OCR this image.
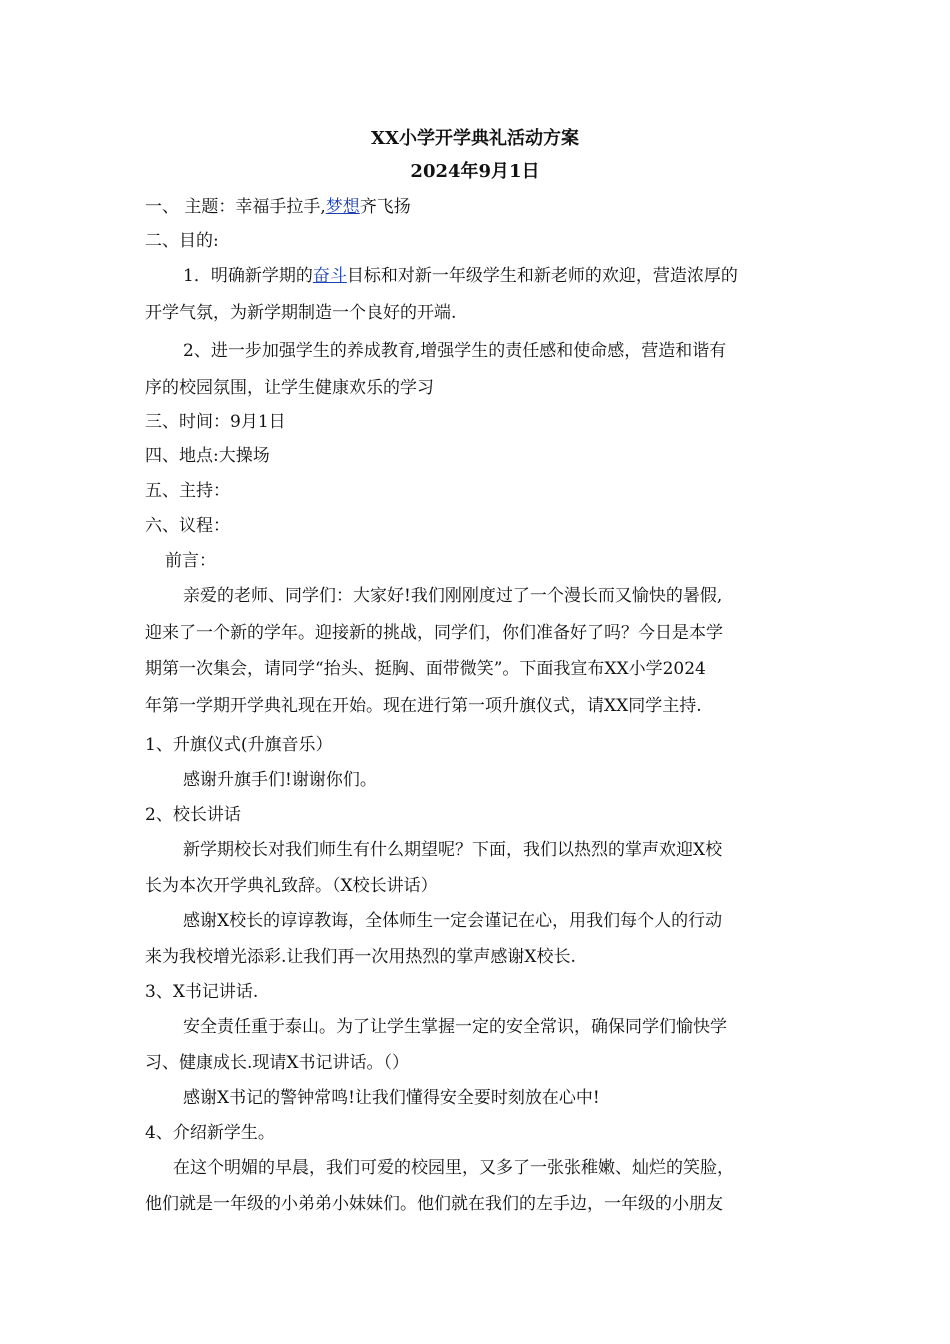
XX小学开学典礼活动方案
2024年9月1日
一、 主题：幸福手拉手,梦想齐飞扬
二、目的:
1．明确新学期的奋斗目标和对新一年级学生和新老师的欢迎，营造浓厚的
开学气氛，为新学期制造一个良好的开端.
2、进一步加强学生的养成教育,增强学生的责任感和使命感，营造和谐有
序的校园氛围，让学生健康欢乐的学习
三、时间：9月1日
四、地点:大操场
五、主持：
六、议程：
前言：
亲爱的老师、同学们：大家好!我们刚刚度过了一个漫长而又愉快的暑假,
迎来了一个新的学年。迎接新的挑战，同学们，你们准备好了吗？今日是本学
期第一次集会，请同学“抬头、挺胸、面带微笑”。下面我宣布XX小学2024
年第一学期开学典礼现在开始。现在进行第一项升旗仪式，请XX同学主持.
1、升旗仪式(升旗音乐）
感谢升旗手们!谢谢你们。
2、校长讲话
新学期校长对我们师生有什么期望呢？下面，我们以热烈的掌声欢迎X校
长为本次开学典礼致辞。（X校长讲话）
感谢X校长的谆谆教诲，全体师生一定会谨记在心，用我们每个人的行动
来为我校增光添彩.让我们再一次用热烈的掌声感谢X校长.
3、X书记讲话.
安全责任重于泰山。为了让学生掌握一定的安全常识，确保同学们愉快学
习、健康成长.现请X书记讲话。（）
感谢X书记的警钟常鸣!让我们懂得安全要时刻放在心中!
4、介绍新学生。
在这个明媚的早晨，我们可爱的校园里，又多了一张张稚嫩、灿烂的笑脸，
他们就是一年级的小弟弟小妹妹们。他们就在我们的左手边，一年级的小朋友
